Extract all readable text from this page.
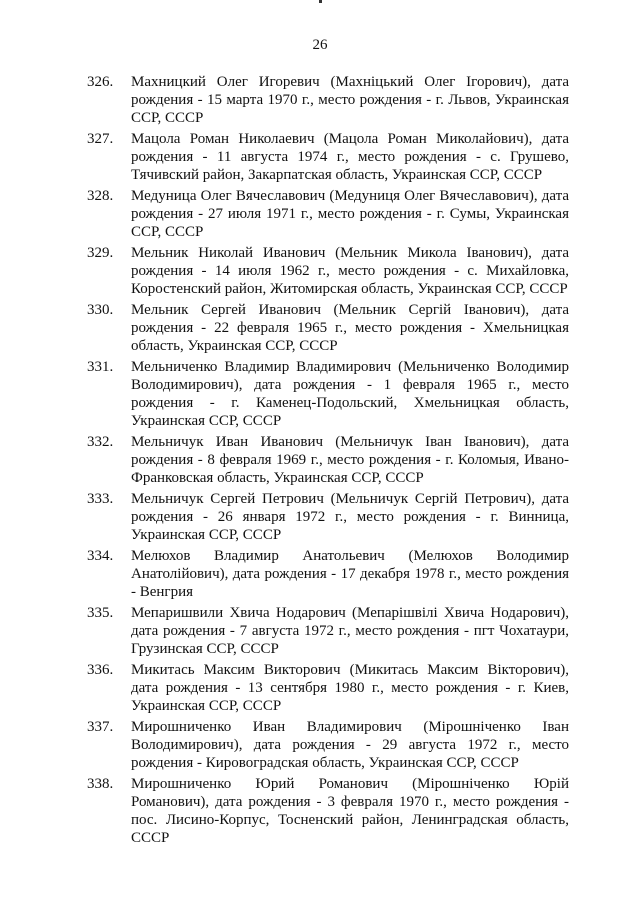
26
326.	Махницкий Олег Игоревич (Махніцький Олег Ігорович), дата рождения - 15 марта 1970 г., место рождения - г. Львов, Украинская ССР, СССР
327.	Мацола Роман Николаевич (Мацола Роман Миколайович), дата рождения - 11 августа 1974 г., место рождения - с. Грушево, Тячивский район, Закарпатская область, Украинская ССР, СССР
328.	Медуница Олег Вячеславович (Медуниця Олег Вячеславович), дата рождения - 27 июля 1971 г., место рождения - г. Сумы, Украинская ССР, СССР
329.	Мельник Николай Иванович (Мельник Микола Іванович), дата рождения - 14 июля 1962 г., место рождения - с. Михайловка, Коростенский район, Житомирская область, Украинская ССР, СССР
330.	Мельник Сергей Иванович (Мельник Сергій Іванович), дата рождения - 22 февраля 1965 г., место рождения - Хмельницкая область, Украинская ССР, СССР
331.	Мельниченко Владимир Владимирович (Мельниченко Володимир Володимирович), дата рождения - 1 февраля 1965 г., место рождения - г. Каменец-Подольский, Хмельницкая область, Украинская ССР, СССР
332.	Мельничук Иван Иванович (Мельничук Іван Іванович), дата рождения - 8 февраля 1969 г., место рождения - г. Коломыя, Ивано-Франковская область, Украинская ССР, СССР
333.	Мельничук Сергей Петрович (Мельничук Сергій Петрович), дата рождения - 26 января 1972 г., место рождения - г. Винница, Украинская ССР, СССР
334.	Мелюхов Владимир Анатольевич (Мелюхов Володимир Анатолійович), дата рождения - 17 декабря 1978 г., место рождения - Венгрия
335.	Мепаришвили Хвича Нодарович (Мепарішвілі Хвича Нодарович), дата рождения - 7 августа 1972 г., место рождения - пгт Чохатаури, Грузинская ССР, СССР
336.	Микитась Максим Викторович (Микитась Максим Вікторович), дата рождения - 13 сентября 1980 г., место рождения - г. Киев, Украинская ССР, СССР
337.	Мирошниченко Иван Владимирович (Мірошніченко Іван Володимирович), дата рождения - 29 августа 1972 г., место рождения - Кировоградская область, Украинская ССР, СССР
338.	Мирошниченко Юрий Романович (Мірошніченко Юрій Романович), дата рождения - 3 февраля 1970 г., место рождения - пос. Лисино-Корпус, Тосненский район, Ленинградская область, СССР
